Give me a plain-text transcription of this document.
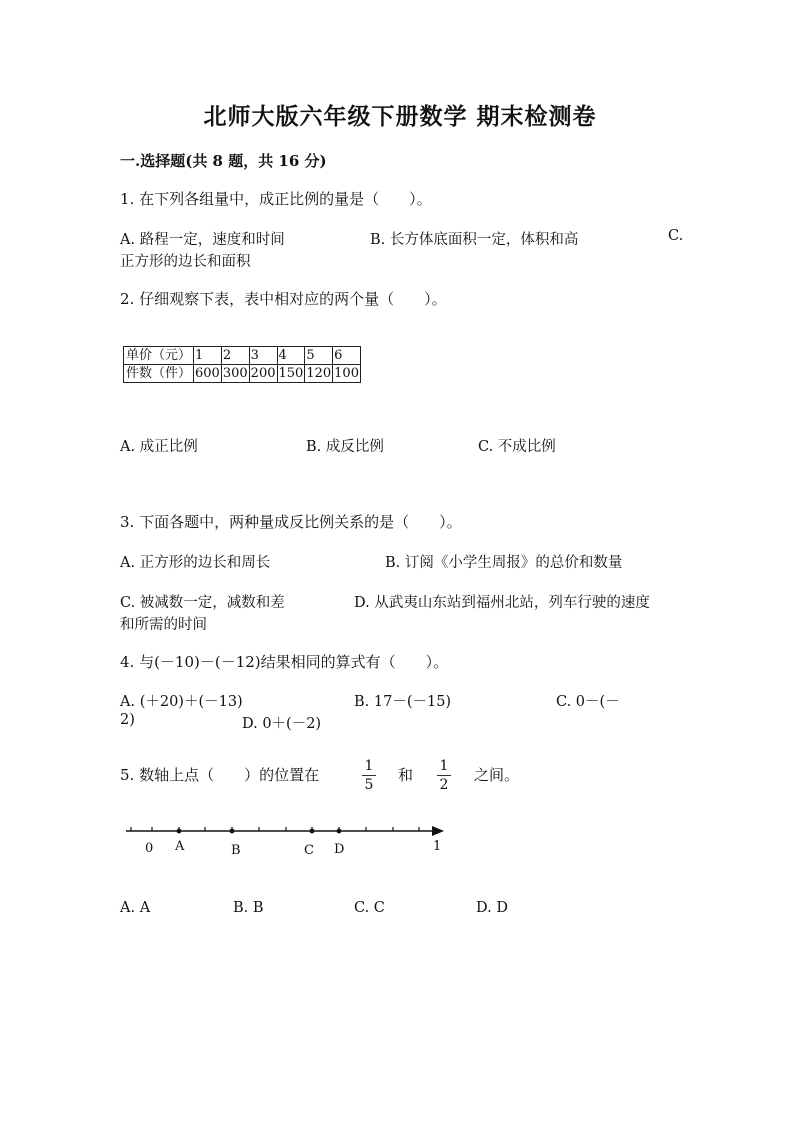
北师大版六年级下册数学 期末检测卷
一.选择题(共 8 题，共 16 分)
1. 在下列各组量中，成正比例的量是（　　）。
A. 路程一定，速度和时间	B. 长方体底面积一定，体积和高	C.
正方形的边长和面积
2. 仔细观察下表，表中相对应的两个量（　　）。
单价（元）	1	2	3	4	5	6
件数（件）	600	300	200	150	120	100
A. 成正比例	B. 成反比例	C. 不成比例
3. 下面各题中，两种量成反比例关系的是（　　）。
A. 正方形的边长和周长	B. 订阅《小学生周报》的总价和数量
C. 被减数一定，减数和差	D. 从武夷山东站到福州北站，列车行驶的速度
和所需的时间
4. 与(－10)－(－12)结果相同的算式有（　　）。
A. (＋20)＋(－13)	B. 17－(－15)	C. 0－(－
2)	D. 0＋(－2)
5. 数轴上点（　　）的位置在	1
5
和 1
2
之间。
0 A	B	C D	1
A. A	B. B	C. C	D. D
